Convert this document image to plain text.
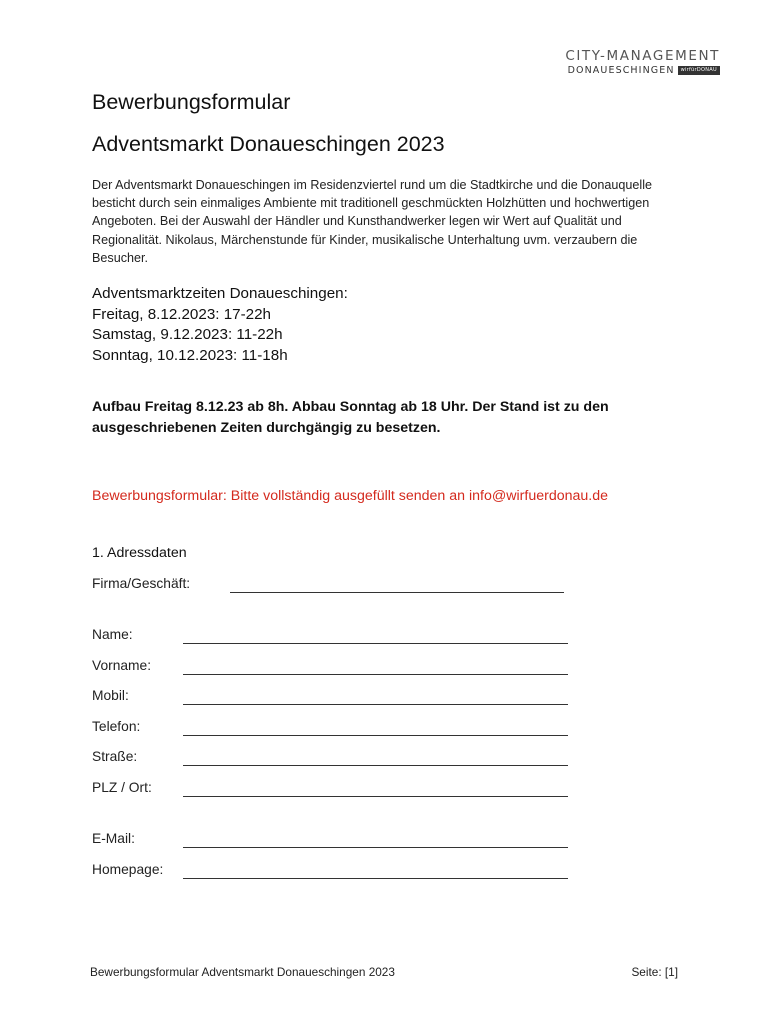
CITY-MANAGEMENT
DONAUESCHINGEN	wirfürDONAU
Bewerbungsformular
Adventsmarkt Donaueschingen 2023

Der Adventsmarkt Donaueschingen im Residenzviertel rund um die Stadtkirche und die Donauquelle besticht durch sein einmaliges Ambiente mit traditionell geschmückten Holzhütten und hochwertigen Angeboten. Bei der Auswahl der Händler und Kunsthandwerker legen wir Wert auf Qualität und Regionalität. Nikolaus, Märchenstunde für Kinder, musikalische Unterhaltung uvm. verzaubern die Besucher.

Adventsmarktzeiten Donaueschingen:
Freitag, 8.12.2023: 17-22h
Samstag, 9.12.2023: 11-22h
Sonntag, 10.12.2023: 11-18h

Aufbau Freitag 8.12.23 ab 8h. Abbau Sonntag ab 18 Uhr. Der Stand ist zu den ausgeschriebenen Zeiten durchgängig zu besetzen.

Bewerbungsformular: Bitte vollständig ausgefüllt senden an info@wirfuerdonau.de

1. Adressdaten
Firma/Geschäft:
Name:
Vorname:
Mobil:
Telefon:
Straße:
PLZ / Ort:
E-Mail:
Homepage:
Bewerbungsformular Adventsmarkt Donaueschingen 2023	Seite: [1]
